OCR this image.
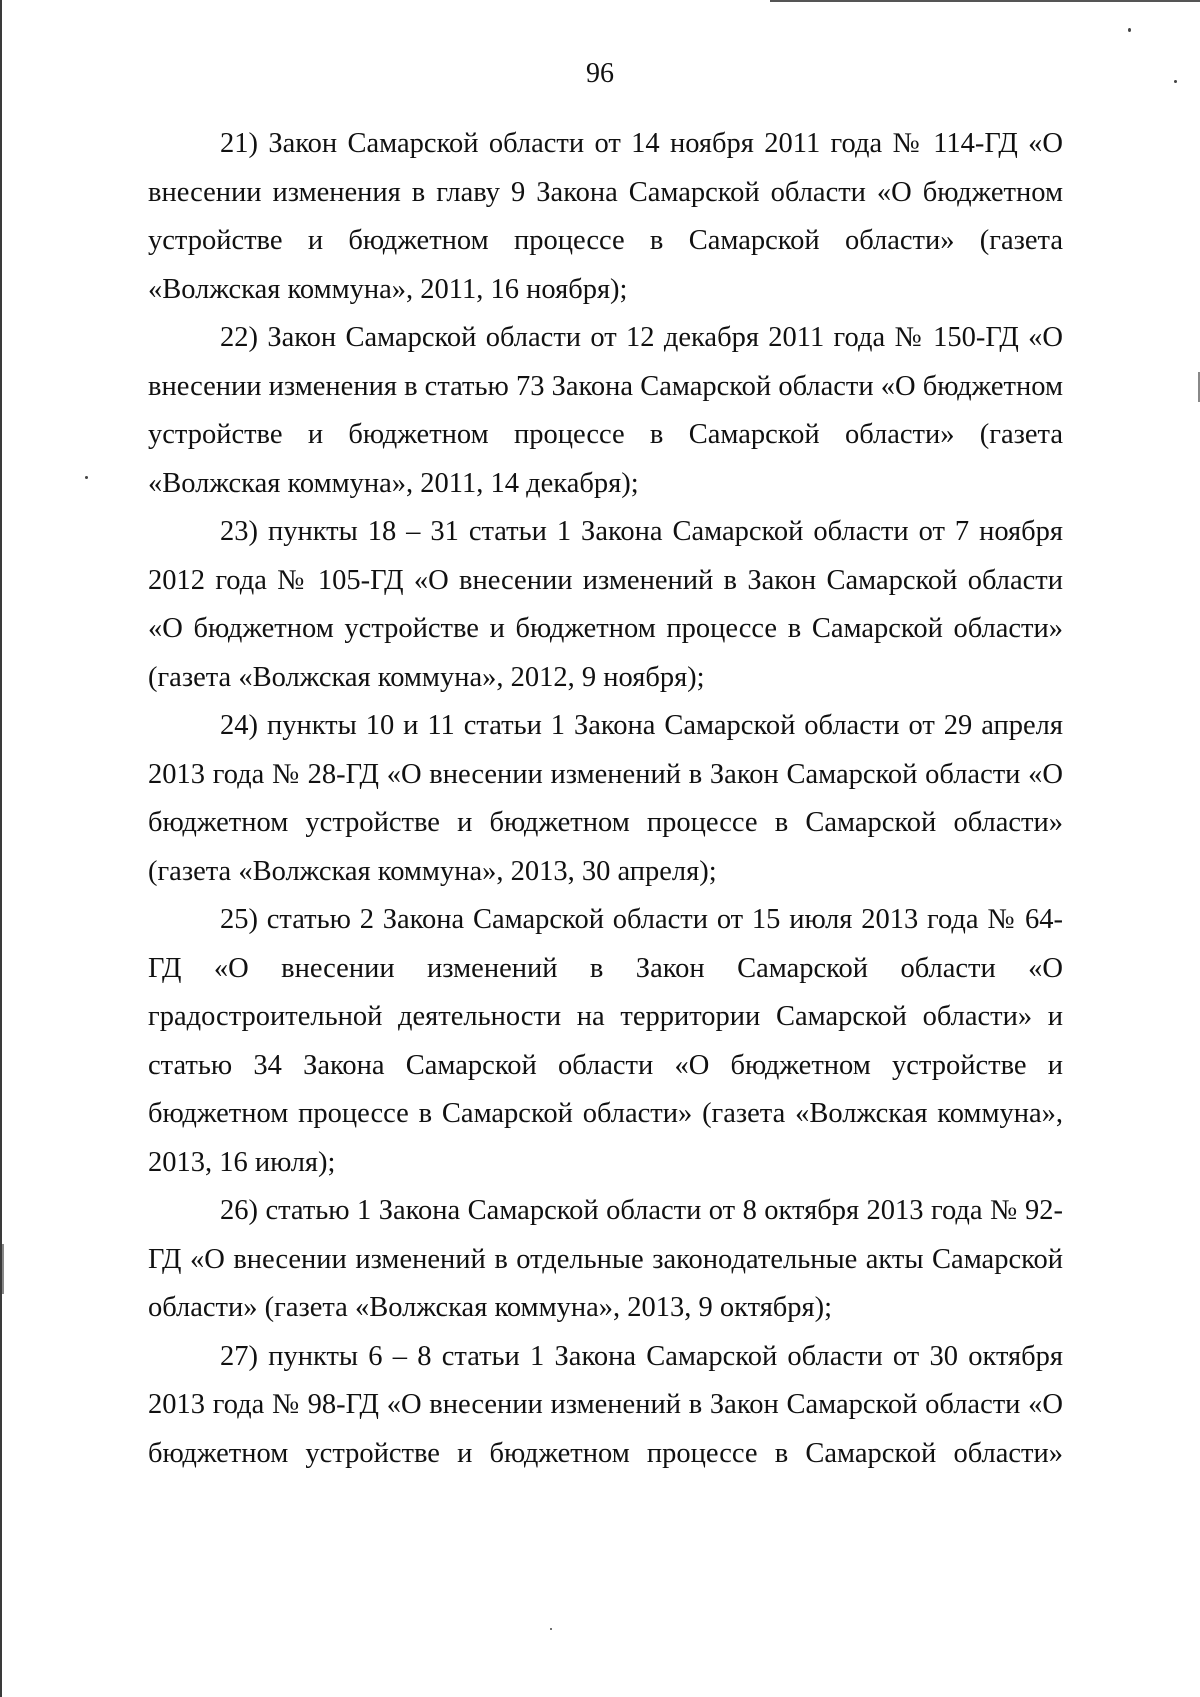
96

21) Закон Самарской области от 14 ноября 2011 года № 114-ГД «О внесении изменения в главу 9 Закона Самарской области «О бюджетном устройстве и бюджетном процессе в Самарской области» (газета «Волжская коммуна», 2011, 16 ноября);

22) Закон Самарской области от 12 декабря 2011 года № 150-ГД «О внесении изменения в статью 73 Закона Самарской области «О бюджетном устройстве и бюджетном процессе в Самарской области» (газета «Волжская коммуна», 2011, 14 декабря);

23) пункты 18 – 31 статьи 1 Закона Самарской области от 7 ноября 2012 года № 105-ГД «О внесении изменений в Закон Самарской области «О бюджетном устройстве и бюджетном процессе в Самарской области» (газета «Волжская коммуна», 2012, 9 ноября);

24) пункты 10 и 11 статьи 1 Закона Самарской области от 29 апреля 2013 года № 28-ГД «О внесении изменений в Закон Самарской области «О бюджетном устройстве и бюджетном процессе в Самарской области» (газета «Волжская коммуна», 2013, 30 апреля);

25) статью 2 Закона Самарской области от 15 июля 2013 года № 64-ГД «О внесении изменений в Закон Самарской области «О градостроительной деятельности на территории Самарской области» и статью 34 Закона Самарской области «О бюджетном устройстве и бюджетном процессе в Самарской области» (газета «Волжская коммуна», 2013, 16 июля);

26) статью 1 Закона Самарской области от 8 октября 2013 года № 92-ГД «О внесении изменений в отдельные законодательные акты Самарской области» (газета «Волжская коммуна», 2013, 9 октября);

27) пункты 6 – 8 статьи 1 Закона Самарской области от 30 октября 2013 года № 98-ГД «О внесении изменений в Закон Самарской области «О бюджетном устройстве и бюджетном процессе в Самарской области»
